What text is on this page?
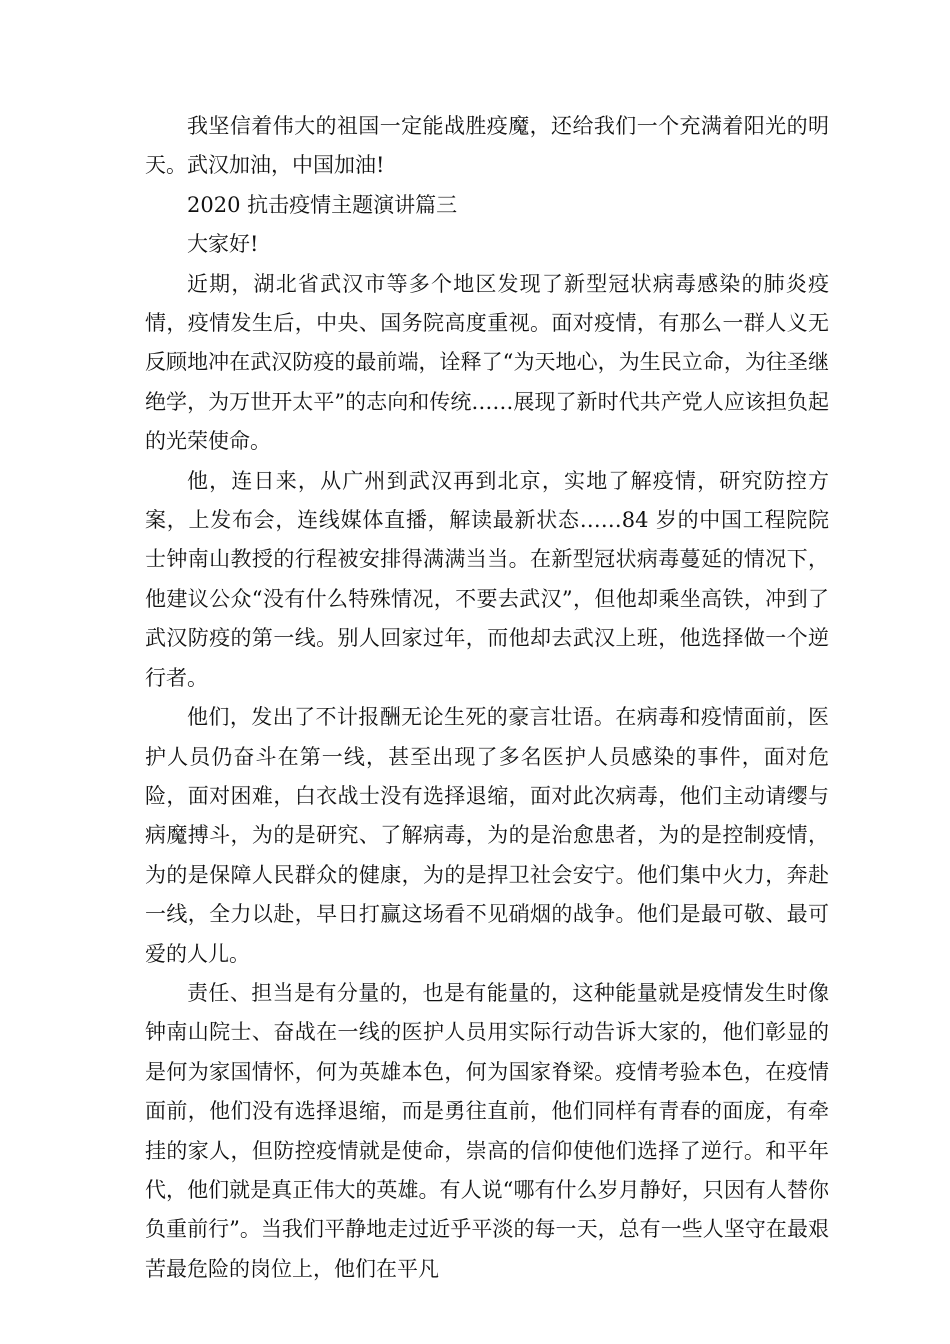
我坚信着伟大的祖国一定能战胜疫魔，还给我们一个充满着阳光的明天。武汉加油，中国加油!

2020 抗击疫情主题演讲篇三

大家好!

近期，湖北省武汉市等多个地区发现了新型冠状病毒感染的肺炎疫情，疫情发生后，中央、国务院高度重视。面对疫情，有那么一群人义无反顾地冲在武汉防疫的最前端，诠释了“为天地心，为生民立命，为往圣继绝学，为万世开太平”的志向和传统……展现了新时代共产党人应该担负起的光荣使命。

他，连日来，从广州到武汉再到北京，实地了解疫情，研究防控方案，上发布会，连线媒体直播，解读最新状态……84 岁的中国工程院院士钟南山教授的行程被安排得满满当当。在新型冠状病毒蔓延的情况下，他建议公众“没有什么特殊情况，不要去武汉”，但他却乘坐高铁，冲到了武汉防疫的第一线。别人回家过年，而他却去武汉上班，他选择做一个逆行者。

他们，发出了不计报酬无论生死的豪言壮语。在病毒和疫情面前，医护人员仍奋斗在第一线，甚至出现了多名医护人员感染的事件，面对危险，面对困难，白衣战士没有选择退缩，面对此次病毒，他们主动请缨与病魔搏斗，为的是研究、了解病毒，为的是治愈患者，为的是控制疫情，为的是保障人民群众的健康，为的是捍卫社会安宁。他们集中火力，奔赴一线，全力以赴，早日打赢这场看不见硝烟的战争。他们是最可敬、最可爱的人儿。

责任、担当是有分量的，也是有能量的，这种能量就是疫情发生时像钟南山院士、奋战在一线的医护人员用实际行动告诉大家的，他们彰显的是何为家国情怀，何为英雄本色，何为国家脊梁。疫情考验本色，在疫情面前，他们没有选择退缩，而是勇往直前，他们同样有青春的面庞，有牵挂的家人，但防控疫情就是使命，崇高的信仰使他们选择了逆行。和平年代，他们就是真正伟大的英雄。有人说“哪有什么岁月静好，只因有人替你负重前行”。当我们平静地走过近乎平淡的每一天，总有一些人坚守在最艰苦最危险的岗位上，他们在平凡
